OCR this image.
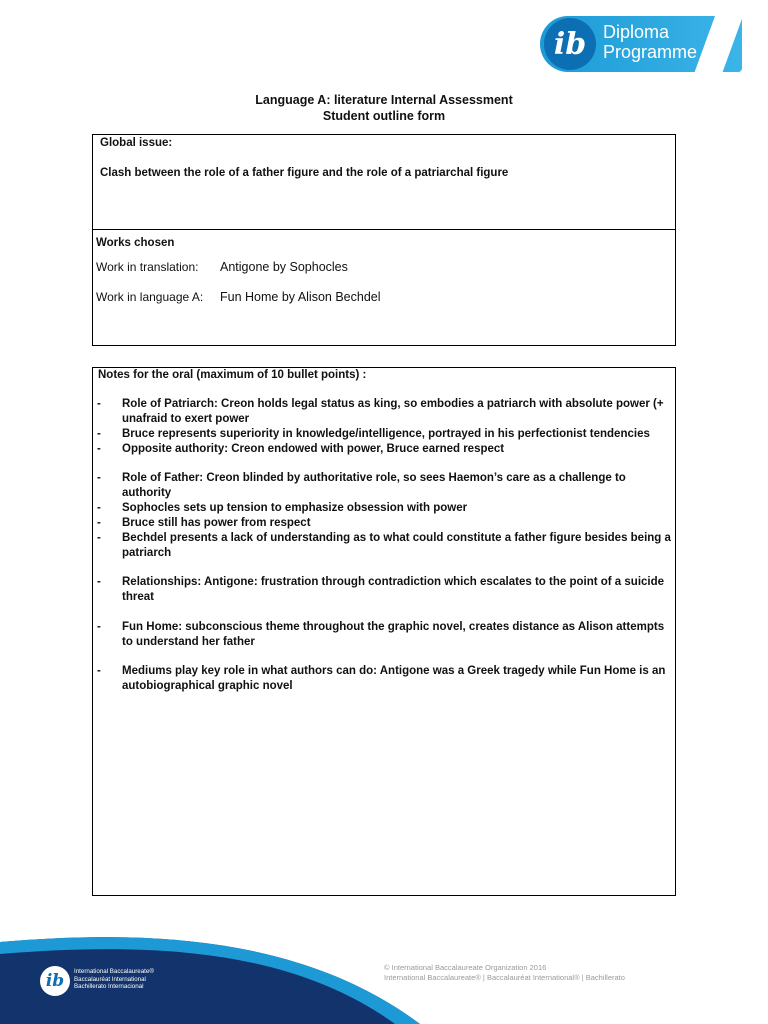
ib Diploma
Programme
Language A: literature Internal Assessment
Student outline form
Global issue:
Clash between the role of a father figure and the role of a patriarchal figure
Works chosen
Work in translation: Antigone by Sophocles
Work in language A: Fun Home by Alison Bechdel
Notes for the oral (maximum of 10 bullet points) :
- Role of Patriarch: Creon holds legal status as king, so embodies a patriarch with absolute power (+ unafraid to exert power
- Bruce represents superiority in knowledge/intelligence, portrayed in his perfectionist tendencies
- Opposite authority: Creon endowed with power, Bruce earned respect
- Role of Father: Creon blinded by authoritative role, so sees Haemon’s care as a challenge to authority
- Sophocles sets up tension to emphasize obsession with power
- Bruce still has power from respect
- Bechdel presents a lack of understanding as to what could constitute a father figure besides being a patriarch
- Relationships: Antigone: frustration through contradiction which escalates to the point of a suicide threat
- Fun Home: subconscious theme throughout the graphic novel, creates distance as Alison attempts to understand her father
- Mediums play key role in what authors can do: Antigone was a Greek tragedy while Fun Home is an autobiographical graphic novel
ib International Baccalaureate®
Baccalauréat International
Bachillerato Internacional
© International Baccalaureate Organization 2016
International Baccalaureate® | Baccalauréat International® | Bachillerato
